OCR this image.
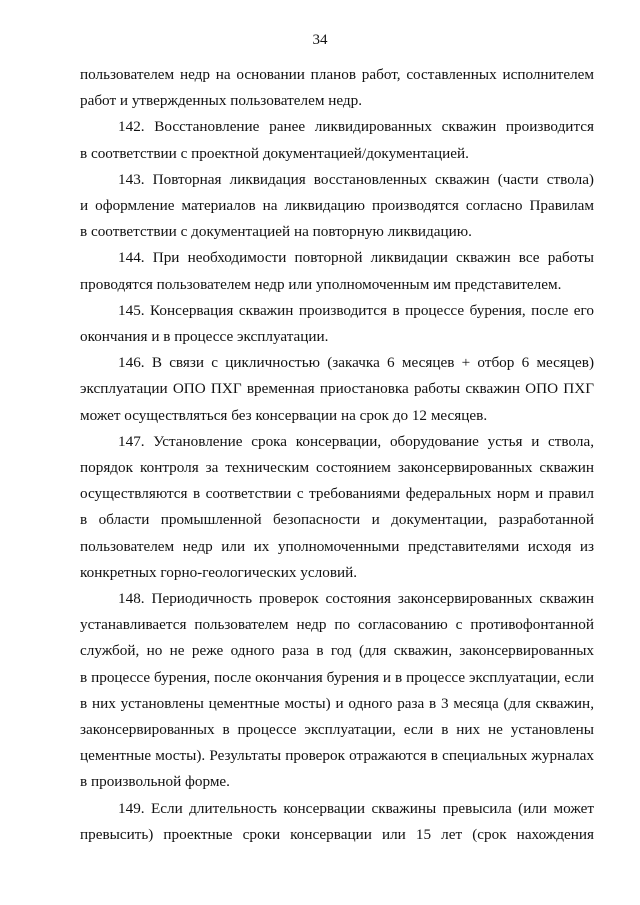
34
пользователем недр на основании планов работ, составленных исполнителем
работ и утвержденных пользователем недр.
142. Восстановление ранее ликвидированных скважин производится
в соответствии с проектной документацией/документацией.
143. Повторная ликвидация восстановленных скважин (части ствола)
и оформление материалов на ликвидацию производятся согласно Правилам
в соответствии с документацией на повторную ликвидацию.
144. При необходимости повторной ликвидации скважин все работы
проводятся пользователем недр или уполномоченным им представителем.
145. Консервация скважин производится в процессе бурения, после его
окончания и в процессе эксплуатации.
146. В связи с цикличностью (закачка 6 месяцев + отбор 6 месяцев)
эксплуатации ОПО ПХГ временная приостановка работы скважин ОПО ПХГ
может осуществляться без консервации на срок до 12 месяцев.
147. Установление срока консервации, оборудование устья и ствола,
порядок контроля за техническим состоянием законсервированных скважин
осуществляются в соответствии с требованиями федеральных норм и правил
в области промышленной безопасности и документации, разработанной
пользователем недр или их уполномоченными представителями исходя из
конкретных горно-геологических условий.
148. Периодичность проверок состояния законсервированных скважин
устанавливается пользователем недр по согласованию с противофонтанной
службой, но не реже одного раза в год (для скважин, законсервированных
в процессе бурения, после окончания бурения и в процессе эксплуатации, если
в них установлены цементные мосты) и одного раза в 3 месяца (для скважин,
законсервированных в процессе эксплуатации, если в них не установлены
цементные мосты). Результаты проверок отражаются в специальных журналах
в произвольной форме.
149. Если длительность консервации скважины превысила (или может
превысить) проектные сроки консервации или 15 лет (срок нахождения
